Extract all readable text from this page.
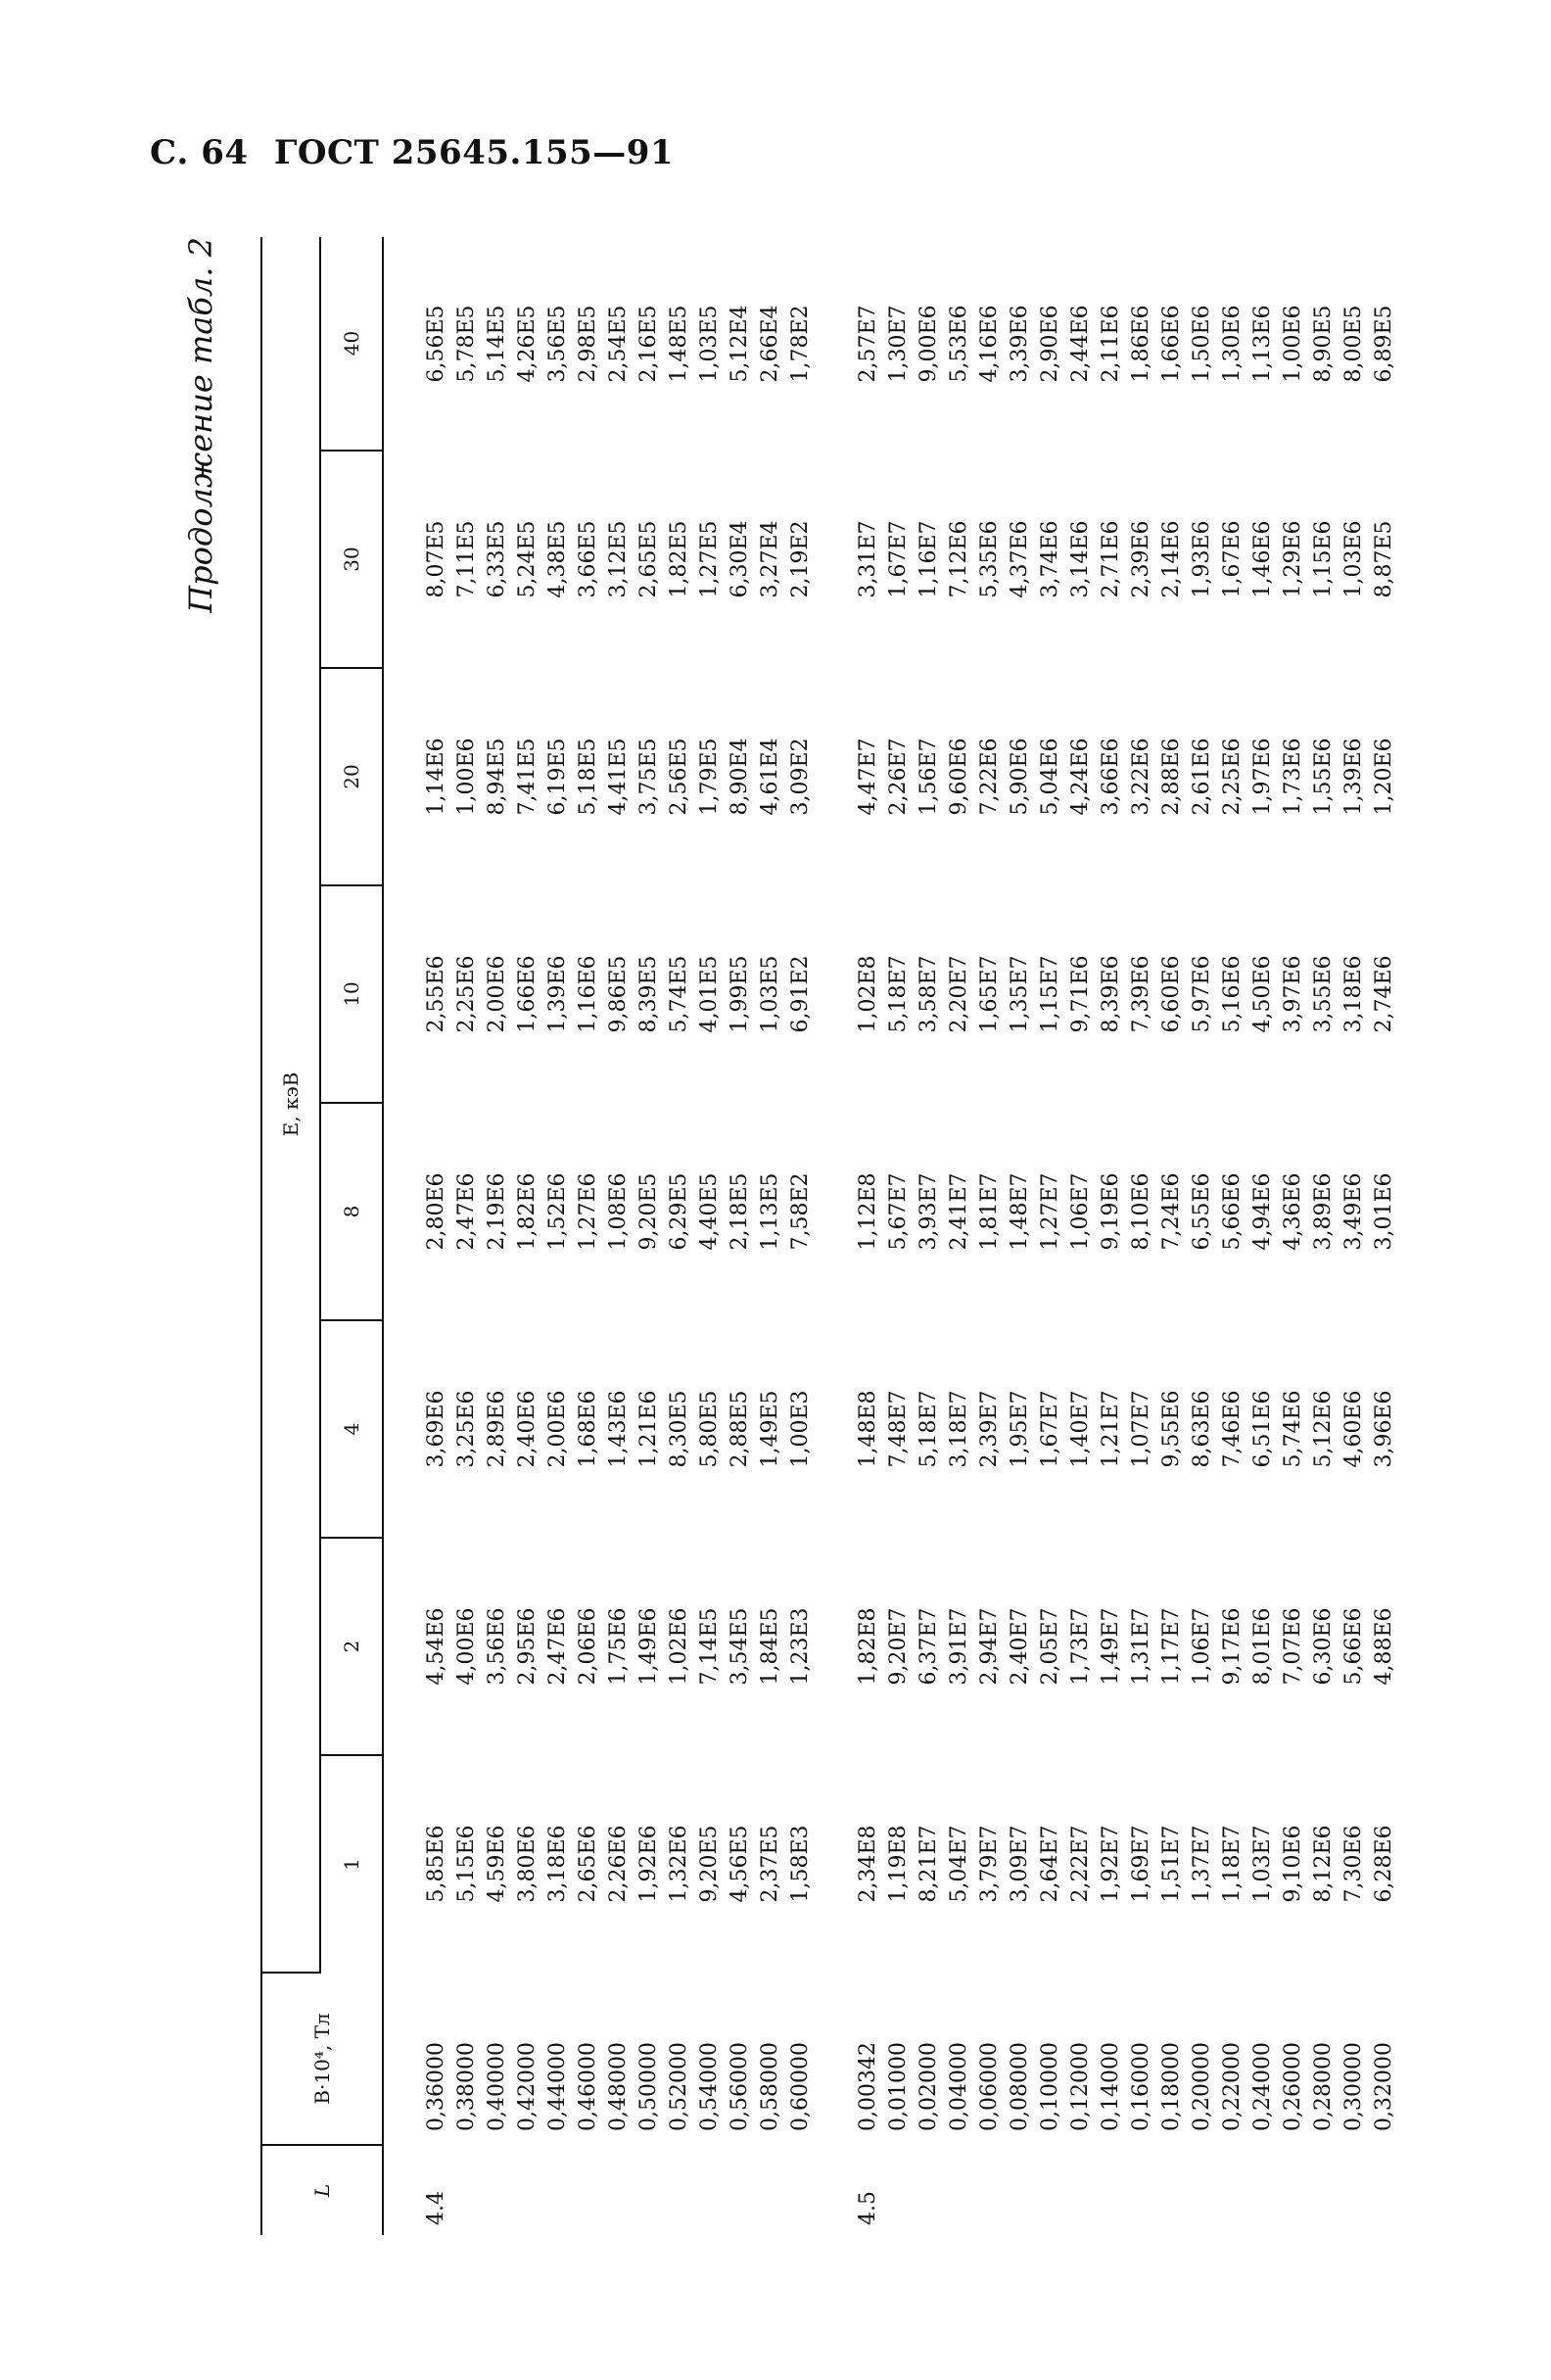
С. 64 ГОСТ 25645.155—91
Продолжение табл. 2
L	B·10⁴, Тл	E, кэВ							
		1	2	4	8	10	20	30	40

4.4	0,36000	5,85E6	4,54E6	3,69E6	2,80E6	2,55E6	1,14E6	8,07E5	6,56E5
	0,38000	5,15E6	4,00E6	3,25E6	2,47E6	2,25E6	1,00E6	7,11E5	5,78E5
	0,40000	4,59E6	3,56E6	2,89E6	2,19E6	2,00E6	8,94E5	6,33E5	5,14E5
	0,42000	3,80E6	2,95E6	2,40E6	1,82E6	1,66E6	7,41E5	5,24E5	4,26E5
	0,44000	3,18E6	2,47E6	2,00E6	1,52E6	1,39E6	6,19E5	4,38E5	3,56E5
	0,46000	2,65E6	2,06E6	1,68E6	1,27E6	1,16E6	5,18E5	3,66E5	2,98E5
	0,48000	2,26E6	1,75E6	1,43E6	1,08E6	9,86E5	4,41E5	3,12E5	2,54E5
	0,50000	1,92E6	1,49E6	1,21E6	9,20E5	8,39E5	3,75E5	2,65E5	2,16E5
	0,52000	1,32E6	1,02E6	8,30E5	6,29E5	5,74E5	2,56E5	1,82E5	1,48E5
	0,54000	9,20E5	7,14E5	5,80E5	4,40E5	4,01E5	1,79E5	1,27E5	1,03E5
	0,56000	4,56E5	3,54E5	2,88E5	2,18E5	1,99E5	8,90E4	6,30E4	5,12E4
	0,58000	2,37E5	1,84E5	1,49E5	1,13E5	1,03E5	4,61E4	3,27E4	2,66E4
	0,60000	1,58E3	1,23E3	1,00E3	7,58E2	6,91E2	3,09E2	2,19E2	1,78E2

4.5	0,00342	2,34E8	1,82E8	1,48E8	1,12E8	1,02E8	4,47E7	3,31E7	2,57E7
	0,01000	1,19E8	9,20E7	7,48E7	5,67E7	5,18E7	2,26E7	1,67E7	1,30E7
	0,02000	8,21E7	6,37E7	5,18E7	3,93E7	3,58E7	1,56E7	1,16E7	9,00E6
	0,04000	5,04E7	3,91E7	3,18E7	2,41E7	2,20E7	9,60E6	7,12E6	5,53E6
	0,06000	3,79E7	2,94E7	2,39E7	1,81E7	1,65E7	7,22E6	5,35E6	4,16E6
	0,08000	3,09E7	2,40E7	1,95E7	1,48E7	1,35E7	5,90E6	4,37E6	3,39E6
	0,10000	2,64E7	2,05E7	1,67E7	1,27E7	1,15E7	5,04E6	3,74E6	2,90E6
	0,12000	2,22E7	1,73E7	1,40E7	1,06E7	9,71E6	4,24E6	3,14E6	2,44E6
	0,14000	1,92E7	1,49E7	1,21E7	9,19E6	8,39E6	3,66E6	2,71E6	2,11E6
	0,16000	1,69E7	1,31E7	1,07E7	8,10E6	7,39E6	3,22E6	2,39E6	1,86E6
	0,18000	1,51E7	1,17E7	9,55E6	7,24E6	6,60E6	2,88E6	2,14E6	1,66E6
	0,20000	1,37E7	1,06E7	8,63E6	6,55E6	5,97E6	2,61E6	1,93E6	1,50E6
	0,22000	1,18E7	9,17E6	7,46E6	5,66E6	5,16E6	2,25E6	1,67E6	1,30E6
	0,24000	1,03E7	8,01E6	6,51E6	4,94E6	4,50E6	1,97E6	1,46E6	1,13E6
	0,26000	9,10E6	7,07E6	5,74E6	4,36E6	3,97E6	1,73E6	1,29E6	1,00E6
	0,28000	8,12E6	6,30E6	5,12E6	3,89E6	3,55E6	1,55E6	1,15E6	8,90E5
	0,30000	7,30E6	5,66E6	4,60E6	3,49E6	3,18E6	1,39E6	1,03E6	8,00E5
	0,32000	6,28E6	4,88E6	3,96E6	3,01E6	2,74E6	1,20E6	8,87E5	6,89E5
